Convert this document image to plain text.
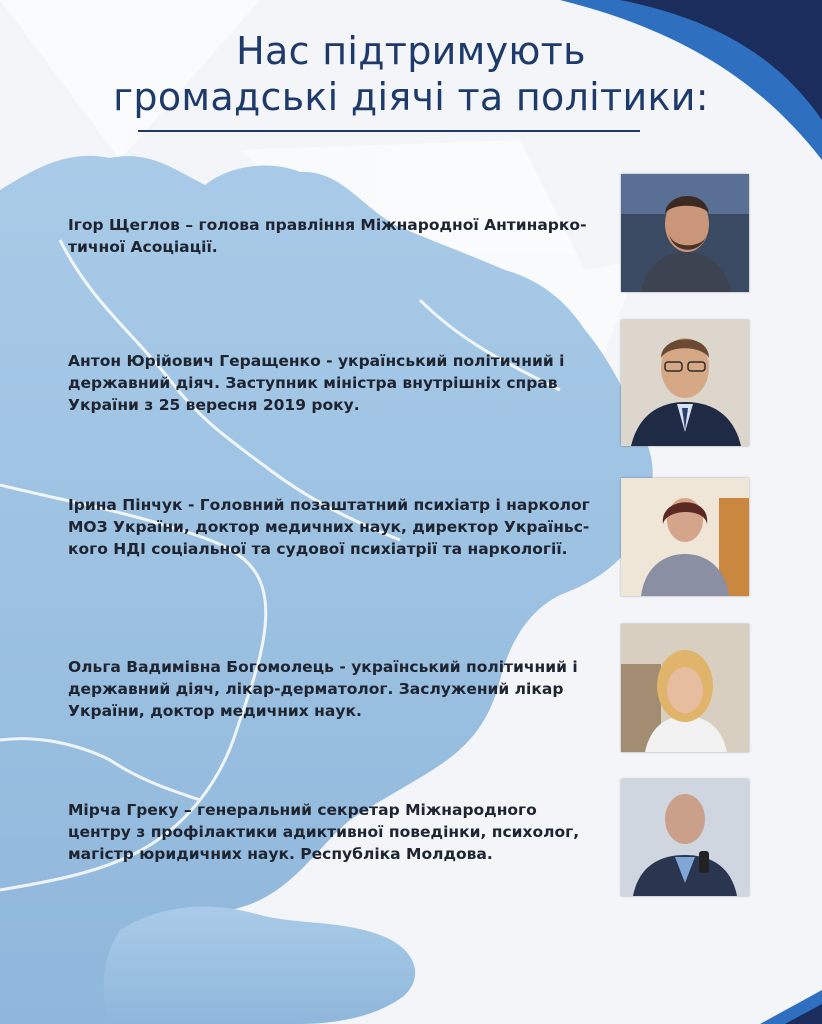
Нас підтримують
громадські діячі та політики:

Ігор Щеглов – голова правління Міжнародної Антинарко-
тичної Асоціації.

Антон Юрійович Геращенко - український політичний і
державний діяч. Заступник міністра внутрішніх справ
України з 25 вересня 2019 року.

Ірина Пінчук - Головний позаштатний психіатр і нарколог
МОЗ України, доктор медичних наук, директор Україньс-
кого НДІ соціальної та судової психіатрії та наркології.

Ольга Вадимівна Богомолець - український політичний і
державний діяч, лікар-дерматолог. Заслужений лікар
України, доктор медичних наук.

Мірча Греку – генеральний секретар Міжнародного
центру з профілактики адиктивної поведінки, психолог,
магістр юридичних наук. Республіка Молдова.
